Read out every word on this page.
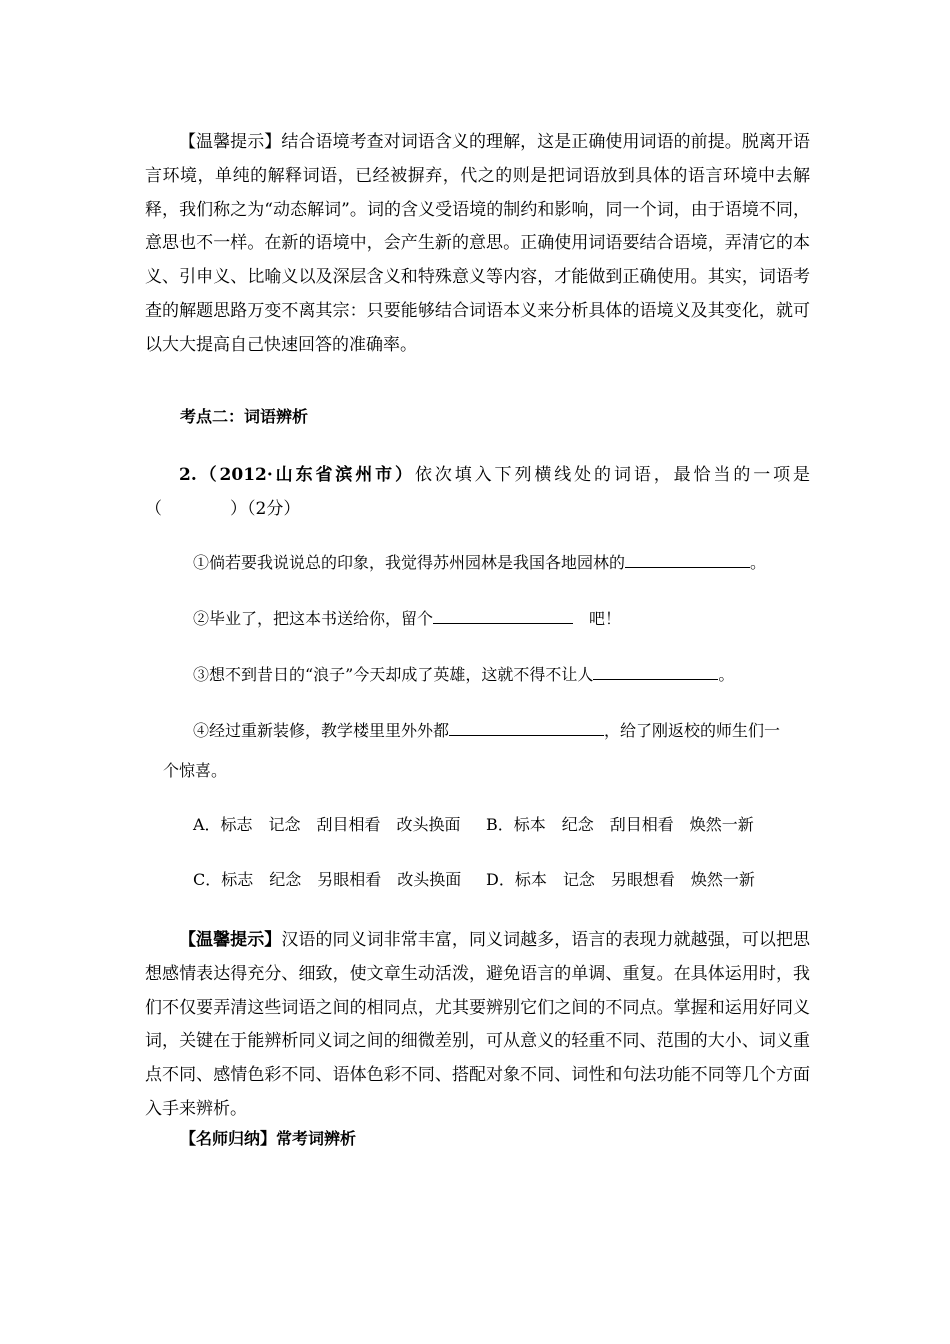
【温馨提示】结合语境考查对词语含义的理解，这是正确使用词语的前提。脱离开语言环境，单纯的解释词语，已经被摒弃，代之的则是把词语放到具体的语言环境中去解释，我们称之为“动态解词”。词的含义受语境的制约和影响，同一个词，由于语境不同，意思也不一样。在新的语境中，会产生新的意思。正确使用词语要结合语境，弄清它的本义、引申义、比喻义以及深层含义和特殊意义等内容，才能做到正确使用。其实，词语考查的解题思路万变不离其宗：只要能够结合词语本义来分析具体的语境义及其变化，就可以大大提高自己快速回答的准确率。

考点二：词语辨析

2.（2012·山东省滨州市）依次填入下列横线处的词语，最恰当的一项是（　　　　）（2分）

①倘若要我说说总的印象，我觉得苏州园林是我国各地园林的	。

②毕业了，把这本书送给你，留个	　吧！

③想不到昔日的“浪子”今天却成了英雄，这就不得不让人	。

④经过重新装修，教学楼里里外外都	，给了刚返校的师生们一

个惊喜。

A．标志　记念　刮目相看　改头换面 B．标本　纪念　刮目相看　焕然一新

C．标志　纪念　另眼相看　改头换面 D．标本　记念　另眼想看　焕然一新

【温馨提示】汉语的同义词非常丰富，同义词越多，语言的表现力就越强，可以把思想感情表达得充分、细致，使文章生动活泼，避免语言的单调、重复。在具体运用时，我们不仅要弄清这些词语之间的相同点，尤其要辨别它们之间的不同点。掌握和运用好同义词，关键在于能辨析同义词之间的细微差别，可从意义的轻重不同、范围的大小、词义重点不同、感情色彩不同、语体色彩不同、搭配对象不同、词性和句法功能不同等几个方面入手来辨析。

【名师归纳】常考词辨析
